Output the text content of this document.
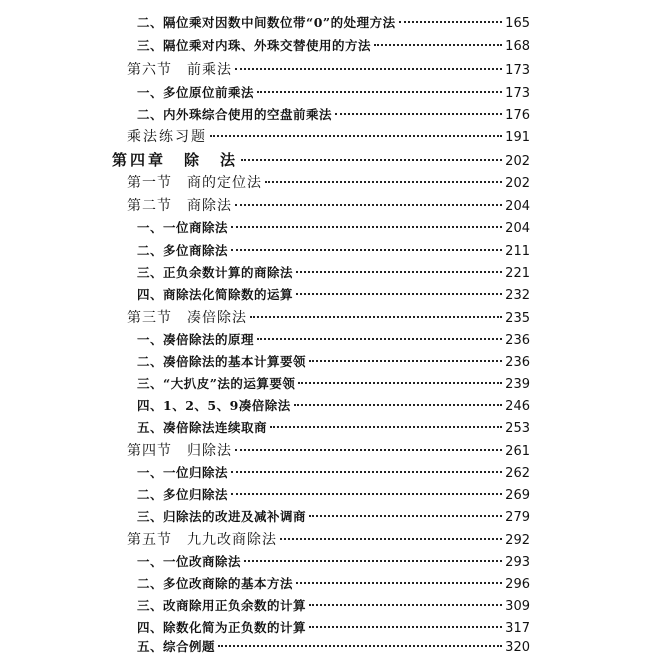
二、隔位乘对因数中间数位带“0”的处理方法	165
三、隔位乘对内珠、外珠交替使用的方法	168
第六节　前乘法	173
一、多位原位前乘法	173
二、内外珠综合使用的空盘前乘法	176
乘法练习题	191
第四章　除　法	202
第一节　商的定位法	202
第二节　商除法	204
一、一位商除法	204
二、多位商除法	211
三、正负余数计算的商除法	221
四、商除法化简除数的运算	232
第三节　凑倍除法	235
一、凑倍除法的原理	236
二、凑倍除法的基本计算要领	236
三、“大扒皮”法的运算要领	239
四、1、2、5、9凑倍除法	246
五、凑倍除法连续取商	253
第四节　归除法	261
一、一位归除法	262
二、多位归除法	269
三、归除法的改进及减补调商	279
第五节　九九改商除法	292
一、一位改商除法	293
二、多位改商除的基本方法	296
三、改商除用正负余数的计算	309
四、除数化简为正负数的计算	317
五、综合例题	320
